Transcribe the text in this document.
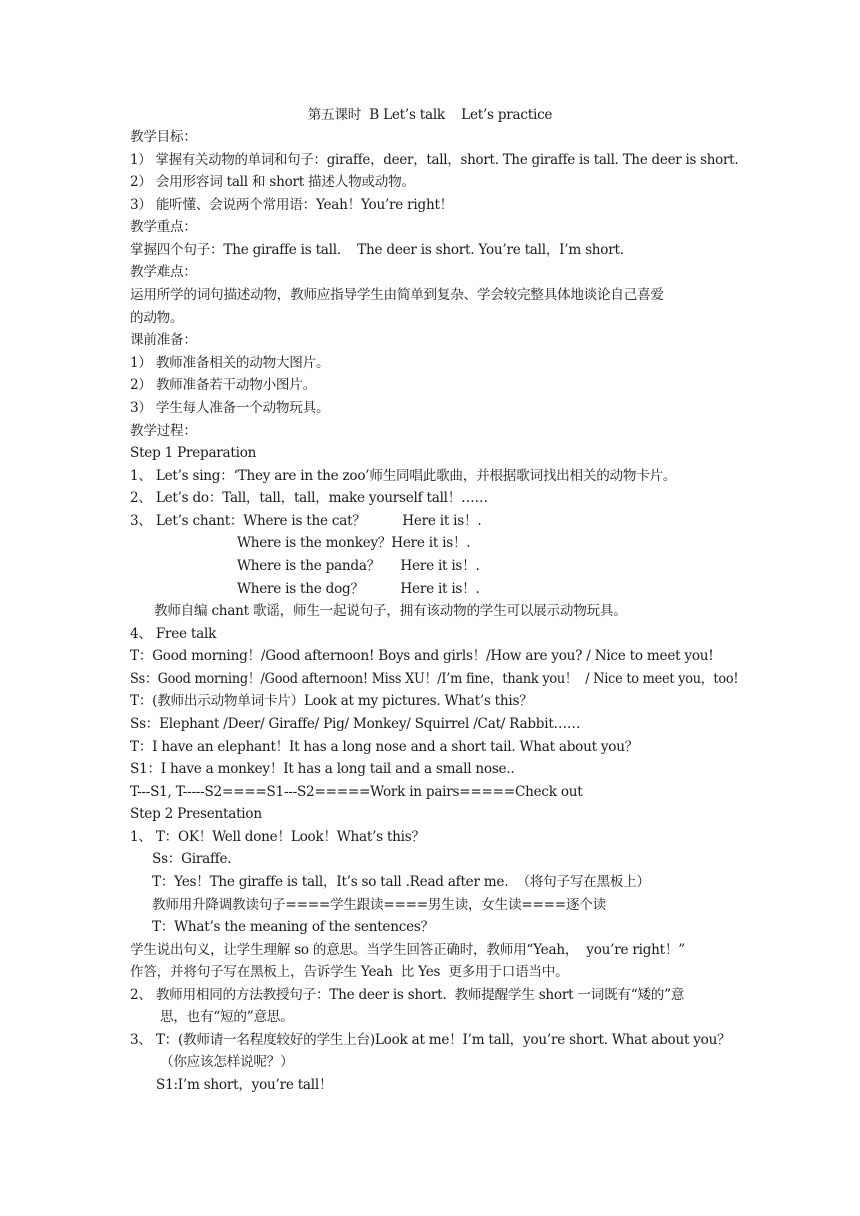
第五课时  B Let’s talk    Let’s practice
教学目标：
1） 掌握有关动物的单词和句子：giraffe，deer，tall，short. The giraffe is tall. The deer is short.
2） 会用形容词 tall 和 short 描述人物或动物。
3） 能听懂、会说两个常用语：Yeah！You’re right！
教学重点：
掌握四个句子：The giraffe is tall.    The deer is short. You’re tall，I’m short.
教学难点：
运用所学的词句描述动物，教师应指导学生由简单到复杂、学会较完整具体地谈论自己喜爱
的动物。
课前准备：
1） 教师准备相关的动物大图片。
2） 教师准备若干动物小图片。
3） 学生每人准备一个动物玩具。
教学过程：
Step 1 Preparation
1、 Let’s sing：‘They are in the zoo’师生同唱此歌曲，并根据歌词找出相关的动物卡片。
2、 Let’s do：Tall，tall，tall，make yourself tall！……
3、 Let’s chant：Where is the cat？         Here it is！.
Where is the monkey？Here it is！.
Where is the panda？     Here it is！.
Where is the dog？         Here it is！.
教师自编 chant 歌谣，师生一起说句子，拥有该动物的学生可以展示动物玩具。
4、 Free talk
T：Good morning！/Good afternoon! Boys and girls！/How are you? / Nice to meet you!
Ss：Good morning！/Good afternoon! Miss XU！/I’m fine，thank you！  / Nice to meet you，too!
T：(教师出示动物单词卡片）Look at my pictures. What’s this？
Ss：Elephant /Deer/ Giraffe/ Pig/ Monkey/ Squirrel /Cat/ Rabbit……
T：I have an elephant！It has a long nose and a short tail. What about you？
S1：I have a monkey！It has a long tail and a small nose..
T---S1, T-----S2====S1---S2=====Work in pairs=====Check out
Step 2 Presentation
1、 T：OK！Well done！Look！What’s this？
Ss：Giraffe.
T：Yes！The giraffe is tall，It’s so tall .Read after me.  （将句子写在黑板上）
教师用升降调教读句子====学生跟读====男生读，女生读====逐个读
T：What’s the meaning of the sentences？
学生说出句义，让学生理解 so 的意思。当学生回答正确时，教师用“Yeah，  you’re right！”
作答，并将句子写在黑板上，告诉学生 Yeah  比 Yes  更多用于口语当中。
2、 教师用相同的方法教授句子：The deer is short.  教师提醒学生 short 一词既有“矮的”意
思，也有“短的”意思。
3、 T：(教师请一名程度较好的学生上台)Look at me！I’m tall，you’re short. What about you？
（你应该怎样说呢？）
S1:I’m short，you’re tall！
